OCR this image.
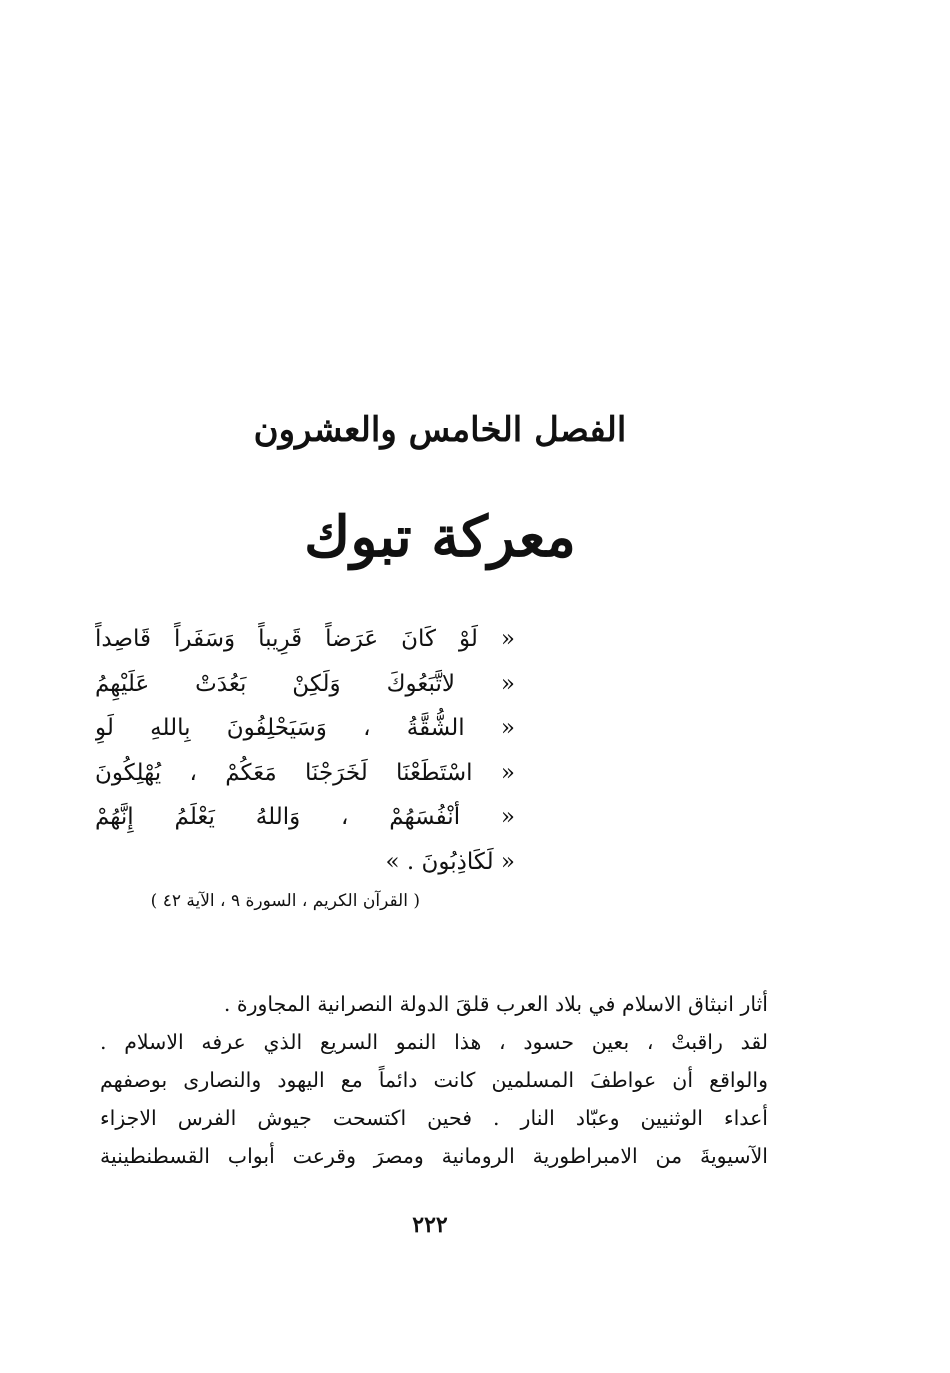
الفصل الخامس والعشرون
معركة تبوك
« لَوْ كَانَ عَرَضاً قَرِيباً وَسَفَراً قَاصِداً
« لاتَّبَعُوكَ وَلَكِنْ بَعُدَتْ عَلَيْهِمُ
« الشُّقَّةُ ، وَسَيَحْلِفُونَ بِاللهِ لَوِ
« اسْتَطَعْنَا لَخَرَجْنَا مَعَكُمْ ، يُهْلِكُونَ
« أنْفُسَهُمْ ، وَاللهُ يَعْلَمُ إِنَّهُمْ
« لَكَاذِبُونَ . »
( القرآن الكريم ، السورة ٩ ، الآية ٤٢ )
أثار انبثاق الاسلام في بلاد العرب قلقَ الدولة النصرانية المجاورة .
لقد راقبتْ ، بعين حسود ، هذا النمو السريع الذي عرفه الاسلام .
والواقع أن عواطفَ المسلمين كانت دائماً مع اليهود والنصارى بوصفهم
أعداء الوثنيين وعبّاد النار . فحين اكتسحت جيوش الفرس الاجزاء
الآسيويةَ من الامبراطورية الرومانية ومصرَ وقرعت أبواب القسطنطينية
٢٢٢
